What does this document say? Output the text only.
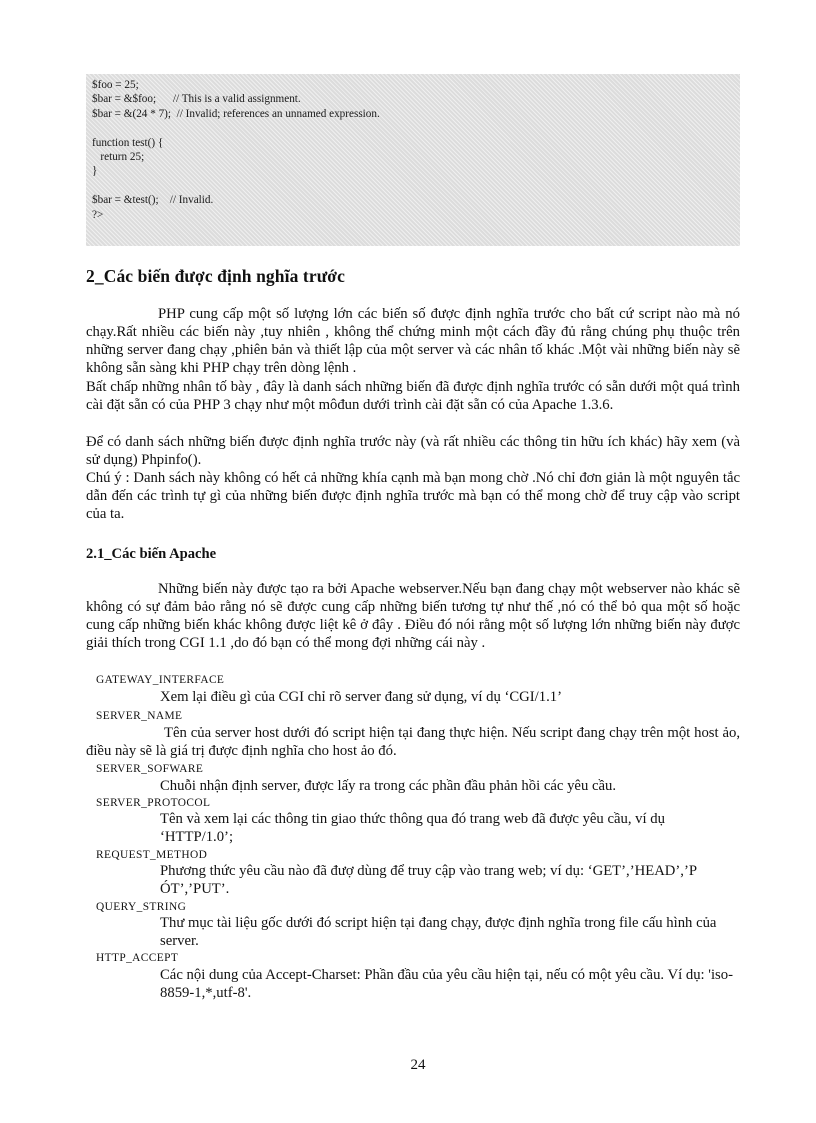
$foo = 25;
$bar = &$foo;      // This is a valid assignment.
$bar = &(24 * 7);  // Invalid; references an unnamed expression.
function test() {
return 25;
}
$bar = &test();    // Invalid.
?>
2_Các biến được định nghĩa trước

PHP cung cấp một số lượng lớn các biến số được định nghĩa trước cho bất cứ script nào mà nó chạy.Rất nhiều các biến này ,tuy nhiên , không thể chứng minh một cách đầy đủ rằng chúng phụ thuộc trên những server đang chạy ,phiên bản và thiết lập của một server và các nhân tố khác .Một vài những biến này sẽ không sẵn sàng khi PHP chạy trên dòng lệnh .

Bất chấp những nhân tố bày , đây là danh sách những biến đã được định nghĩa trước có sẵn dưới một quá trình cài đặt sẵn có của PHP 3 chạy như một môđun dưới trình cài đặt sẵn có của Apache 1.3.6.

Để có danh sách những biến được định nghĩa trước này (và rất nhiều các thông tin hữu ích khác) hãy xem (và sử dụng) Phpinfo().

Chú ý : Danh sách này không có hết cả những khía cạnh mà bạn mong chờ .Nó chỉ đơn giản là một nguyên tắc dẫn đến các trình tự gì của những biến được định nghĩa trước mà bạn có thể mong chờ để truy cập vào script của ta.

2.1_Các biến Apache

Những biến này được tạo ra bởi Apache webserver.Nếu bạn đang chạy một webserver nào khác sẽ không có sự đảm bảo rằng nó sẽ được cung cấp những biến tương tự như thế ,nó có thể bỏ qua một số hoặc cung cấp những biến khác không được liệt kê ở đây . Điều đó nói rằng một số lượng lớn những biến này được giải thích trong CGI 1.1 ,do đó bạn có thể mong đợi những cái này .

GATEWAY_INTERFACE
Xem lại điều gì của CGI chỉ rõ server đang sử dụng, ví dụ ‘CGI/1.1’
SERVER_NAME
Tên của server host dưới đó script hiện tại đang thực hiện. Nếu script đang chạy trên một host ảo, điều này sẽ là giá trị được định nghĩa cho host ảo đó.
SERVER_SOFWARE
Chuỗi nhận định server, được lấy ra trong các phần đầu phản hồi các yêu cầu.
SERVER_PROTOCOL
Tên và xem lại các thông tin giao thức thông qua đó trang web đã được yêu cầu, ví dụ ‘HTTP/1.0’;
REQUEST_METHOD
Phương thức yêu cầu nào đã đượ dùng để truy cập vào trang web; ví dụ: ‘GET’,’HEAD’,’P ÓT’,’PUT’.
QUERY_STRING
Thư mục tài liệu gốc dưới đó script hiện tại đang chạy, được định nghĩa trong file cấu hình của server.
HTTP_ACCEPT
Các nội dung của Accept-Charset: Phần đầu của yêu cầu hiện tại, nếu có một yêu cầu. Ví dụ: 'iso-8859-1,*,utf-8'.
24
